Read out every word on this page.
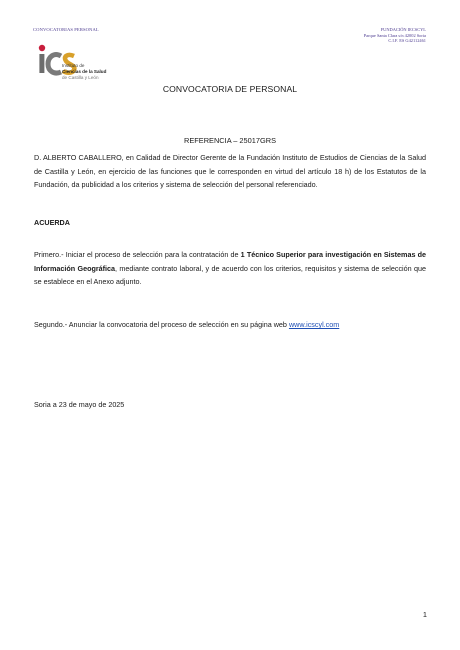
CONVOCATORIAS PERSONAL	FUNDACIÓN IECSCYL
Parque Santa Clara s/n 42002 Soria
C.I.F. ES G42112461
Instituto de
Ciencias de la Salud
de Castilla y León
CONVOCATORIA DE PERSONAL
REFERENCIA – 25017GRS
D. ALBERTO CABALLERO, en Calidad de Director Gerente de la Fundación Instituto de Estudios de Ciencias de la Salud de Castilla y León, en ejercicio de las funciones que le corresponden en virtud del artículo 18 h) de los Estatutos de la Fundación, da publicidad a los criterios y sistema de selección del personal referenciado.
ACUERDA
Primero.- Iniciar el proceso de selección para la contratación de 1 Técnico Superior para investigación en Sistemas de Información Geográfica, mediante contrato laboral, y de acuerdo con los criterios, requisitos y sistema de selección que se establece en el Anexo adjunto.
Segundo.- Anunciar la convocatoria del proceso de selección en su página web www.icscyl.com
Soria a 23 de mayo de 2025
1
